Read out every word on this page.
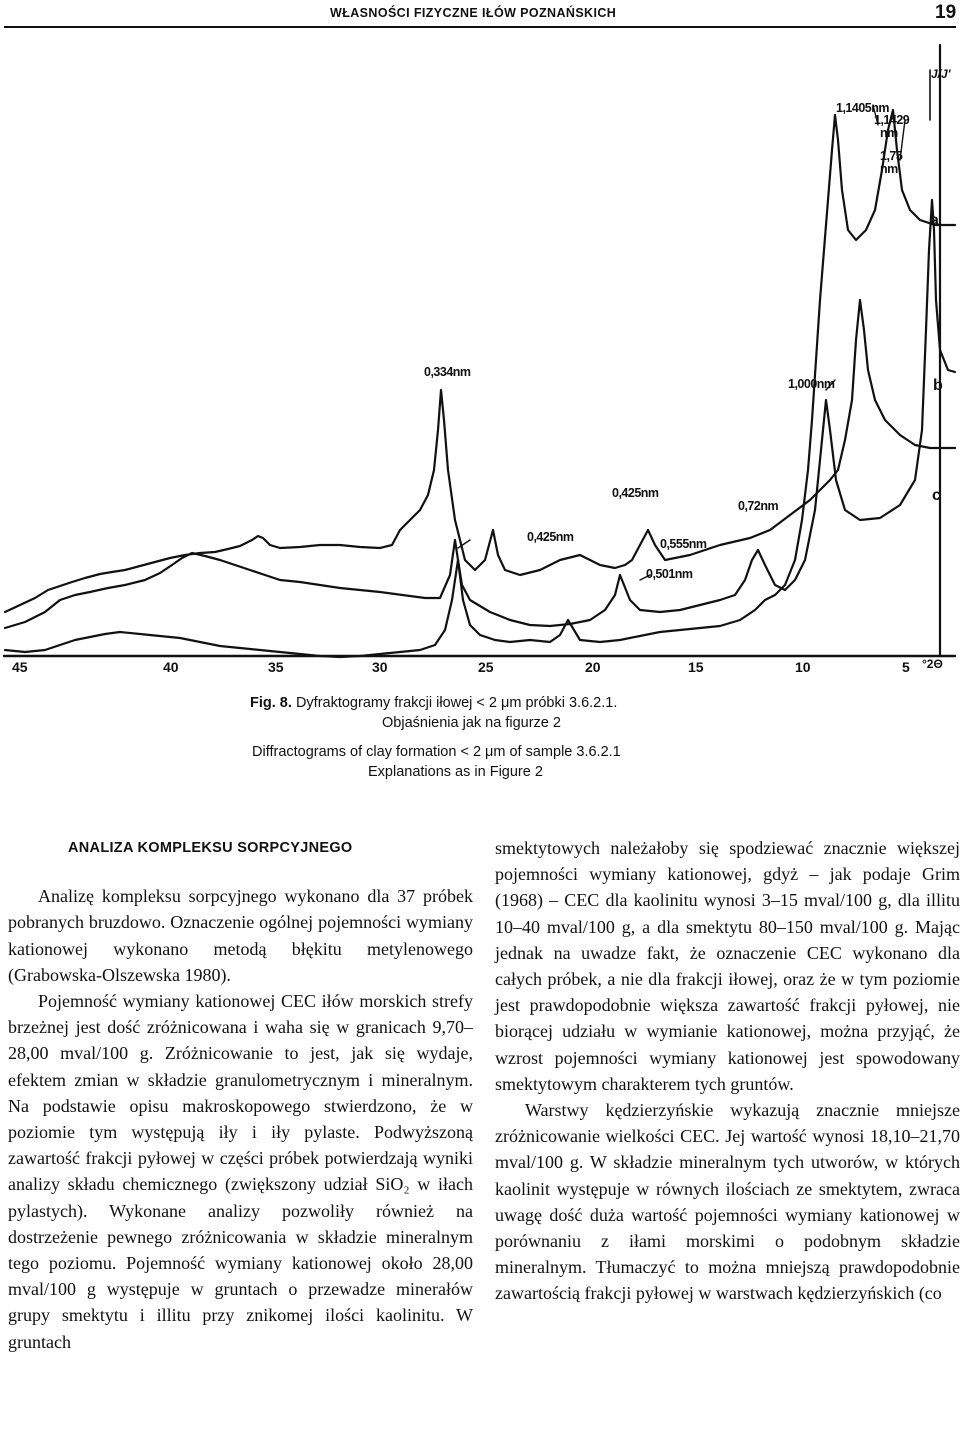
WŁASNOŚCI FIZYCZNE IŁÓW POZNAŃSKICH	19
45	40	35	30	25	20	15	10	5 °2Θ
a
b
c
J/J'
1,1405nm
1,1429
nm
1,75
nm
0,334nm
1,000nm
0,425nm
0,72nm
0,425nm	0,555nm
0,501nm
Fig. 8. Dyfraktogramy frakcji iłowej < 2 μm próbki 3.6.2.1.
Objaśnienia jak na figurze 2
Diffractograms of clay formation < 2 μm of sample 3.6.2.1
Explanations as in Figure 2
ANALIZA KOMPLEKSU SORPCYJNEGO

Analizę kompleksu sorpcyjnego wykonano dla 37 próbek pobranych bruzdowo. Oznaczenie ogólnej pojemności wymiany kationowej wykonano metodą błękitu metylenowego (Grabowska-Olszewska 1980).

Pojemność wymiany kationowej CEC iłów morskich strefy brzeżnej jest dość zróżnicowana i waha się w granicach 9,70–28,00 mval/100 g. Zróżnicowanie to jest, jak się wydaje, efektem zmian w składzie granulometrycznym i mineralnym. Na podstawie opisu makroskopowego stwierdzono, że w poziomie tym występują iły i iły pylaste. Podwyższoną zawartość frakcji pyłowej w części próbek potwierdzają wyniki analizy składu chemicznego (zwiększony udział SiO₂ w iłach pylastych). Wykonane analizy pozwoliły również na dostrzeżenie pewnego zróżnicowania w składzie mineralnym tego poziomu. Pojemność wymiany kationowej około 28,00 mval/100 g występuje w gruntach o przewadze minerałów grupy smektytu i illitu przy znikomej ilości kaolinitu. W gruntach

smektytowych należałoby się spodziewać znacznie większej pojemności wymiany kationowej, gdyż – jak podaje Grim (1968) – CEC dla kaolinitu wynosi 3–15 mval/100 g, dla illitu 10–40 mval/100 g, a dla smektytu 80–150 mval/100 g. Mając jednak na uwadze fakt, że oznaczenie CEC wykonano dla całych próbek, a nie dla frakcji iłowej, oraz że w tym poziomie jest prawdopodobnie większa zawartość frakcji pyłowej, nie biorącej udziału w wymianie kationowej, można przyjąć, że wzrost pojemności wymiany kationowej jest spowodowany smektytowym charakterem tych gruntów.

Warstwy kędzierzyńskie wykazują znacznie mniejsze zróżnicowanie wielkości CEC. Jej wartość wynosi 18,10–21,70 mval/100 g. W składzie mineralnym tych utworów, w których kaolinit występuje w równych ilościach ze smektytem, zwraca uwagę dość duża wartość pojemności wymiany kationowej w porównaniu z iłami morskimi o podobnym składzie mineralnym. Tłumaczyć to można mniejszą prawdopodobnie zawartością frakcji pyłowej w warstwach kędzierzyńskich (co
